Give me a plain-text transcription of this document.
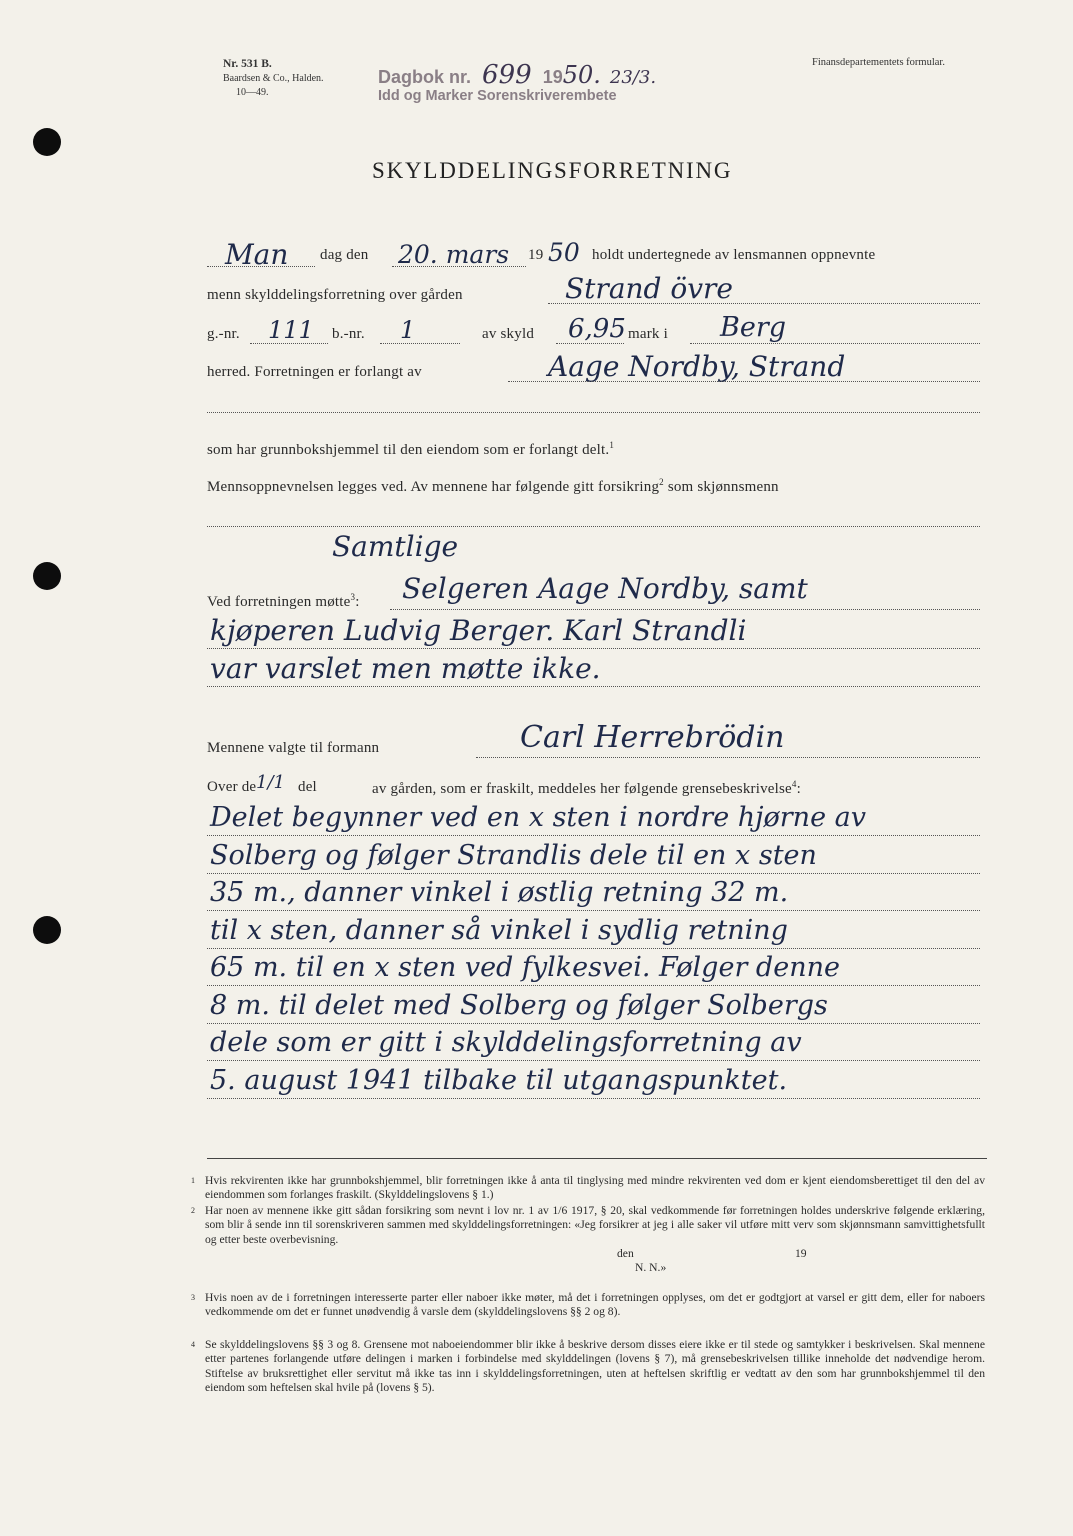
Nr. 531 B.
Baardsen & Co., Halden.
10—49.
Finansdepartementets formular.
Dagbok nr. 699 1950. 23/3.
Idd og Marker Sorenskriverembete
SKYLDDELINGSFORRETNING
Man dag den 20. mars 19 50 holdt undertegnede av lensmannen oppnevnte
menn skylddelingsforretning over gården	Strand övre
g.-nr. 111 b.-nr. 1	av skyld 6,95 mark i Berg
herred. Forretningen er forlangt av	Aage Nordby, Strand
som har grunnbokshjemmel til den eiendom som er forlangt delt.$^1$
Mennsoppnevnelsen legges ved. Av mennene har følgende gitt forsikring$^2$ som skjønnsmenn
Samtlige
Ved forretningen møtte$^3$: Selgeren Aage Nordby, samt
kjøperen Ludvig Berger. Karl Strandli
var varslet men møtte ikke.
Mennene valgte til formann	Carl Herrebrödin
Over de 1/1 del	av gården, som er fraskilt, meddeles her følgende grensebeskrivelse$^4$:
Delet begynner ved en x sten i nordre hjørne av
Solberg og følger Strandlis dele til en x sten
35 m., danner vinkel i østlig retning 32 m.
til x sten, danner så vinkel i sydlig retning
65 m. til en x sten ved fylkesvei. Følger denne
8 m. til delet med Solberg og følger Solbergs
dele som er gitt i skylddelingsforretning av
5. august 1941 tilbake til utgangspunktet.
1 Hvis rekvirenten ikke har grunnbokshjemmel, blir forretningen ikke å anta til tinglysing med mindre rekvirenten ved dom er kjent eiendomsberettiget til den del av eiendommen som forlanges fraskilt. (Skylddelingslovens § 1.)
2 Har noen av mennene ikke gitt sådan forsikring som nevnt i lov nr. 1 av 1/6 1917, § 20, skal vedkommende før forretningen holdes underskrive følgende erklæring, som blir å sende inn til sorenskriveren sammen med skylddelingsforretningen: «Jeg forsikrer at jeg i alle saker vil utføre mitt verv som skjønnsmann samvittighetsfullt og etter beste overbevisning.
den	19
N. N.»
3 Hvis noen av de i forretningen interesserte parter eller naboer ikke møter, må det i forretningen opplyses, om det er godtgjort at varsel er gitt dem, eller for naboers vedkommende om det er funnet unødvendig å varsle dem (skylddelingslovens §§ 2 og 8).
4 Se skylddelingslovens §§ 3 og 8. Grensene mot naboeiendommer blir ikke å beskrive dersom disses eiere ikke er til stede og samtykker i beskrivelsen. Skal mennene etter partenes forlangende utføre delingen i marken i forbindelse med skylddelingen (lovens § 7), må grensebeskrivelsen tillike inneholde det nødvendige herom. Stiftelse av bruksrettighet eller servitut må ikke tas inn i skylddelingsforretningen, uten at heftelsen skriftlig er vedtatt av den som har grunnbokshjemmel til den eiendom som heftelsen skal hvile på (lovens § 5).
